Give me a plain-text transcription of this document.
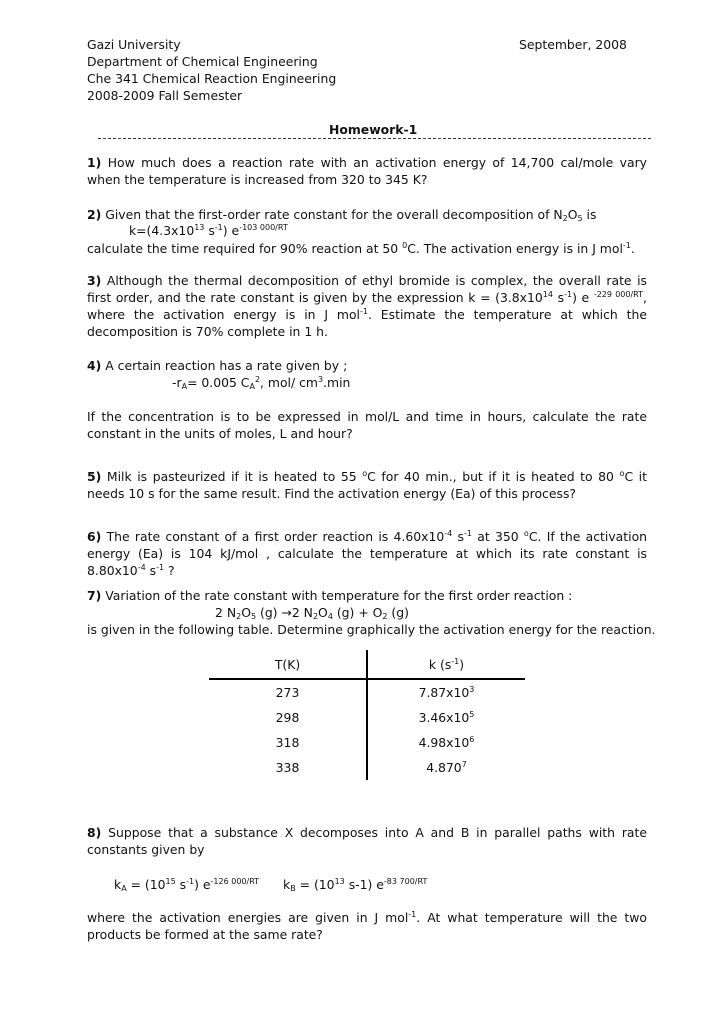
Gazi University	September, 2008
Department of Chemical Engineering
Che 341 Chemical Reaction Engineering
2008-2009 Fall Semester
Homework-1
1) How much does a reaction rate with an activation energy of 14,700 cal/mole vary when the temperature is increased from 320 to 345 K?
2) Given that the first-order rate constant for the overall decomposition of $N_2O_5$ is
$k=(4.3x10^{13}$ $s^{-1}$) $e^{-103 000/RT}$
calculate the time required for 90% reaction at 50 $^0$C. The activation energy is in J mol$^{-1}$.
3) Although the thermal decomposition of ethyl bromide is complex, the overall rate is first order, and the rate constant is given by the expression $k = (3.8x10^{14}$ $s^{-1}$) e $^{-229 000/RT}$, where the activation energy is in J mol$^{-1}$. Estimate the temperature at which the decomposition is 70% complete in 1 h.
4) A certain reaction has a rate given by ;
$-r_A= 0.005$ $C_A^2$, mol/ $cm^3.\min$
If the concentration is to be expressed in mol/L and time in hours, calculate the rate constant in the units of moles, L and hour?
5) Milk is pasteurized if it is heated to 55 $^o$C for 40 min., but if it is heated to 80 $^o$C it needs 10 s for the same result. Find the activation energy (Ea) of this process?
6) The rate constant of a first order reaction is $4.60x10^{-4}$ $s^{-1}$ at 350 $^o$C. If the activation energy (Ea) is 104 kJ/mol , calculate the temperature at which its rate constant is $8.80x10^{-4}$ $s^{-1}$ ?
7) Variation of the rate constant with temperature for the first order reaction :
2 $N_2O_5$ (g) →2 $N_2O_4$ $(g) + O_2$ (g)
is given in the following table. Determine graphically the activation energy for the reaction.
T(K)	k $(s^{-1})$
273	$7.87x10^3$
298	$3.46x10^5$
318	$4.98x10^6$
338	4.870$^7$
8) Suppose that a substance X decomposes into A and B in parallel paths with rate constants given by
$k_A = (10^{15}$ $s^{-1}$) $e^{-126 000/RT}$ $k_B = (10^{13}$ s-1) $e^{-83 700/RT}$
where the activation energies are given in J mol$^{-1}$. At what temperature will the two products be formed at the same rate?
